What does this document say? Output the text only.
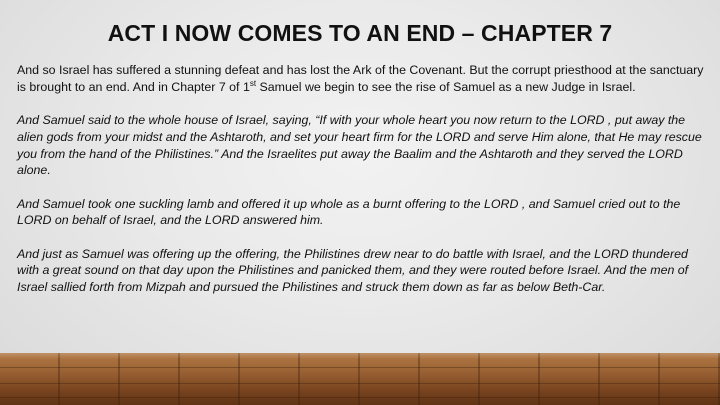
ACT I NOW COMES TO AN END – CHAPTER 7

And so Israel has suffered a stunning defeat and has lost the Ark of the Covenant. But the corrupt priesthood at the sanctuary is brought to an end. And in Chapter 7 of 1st Samuel we begin to see the rise of Samuel as a new Judge in Israel.

And Samuel said to the whole house of Israel, saying, “If with your whole heart you now return to the LORD , put away the alien gods from your midst and the Ashtaroth, and set your heart firm for the LORD and serve Him alone, that He may rescue you from the hand of the Philistines.” And the Israelites put away the Baalim and the Ashtaroth and they served the LORD alone.

And Samuel took one suckling lamb and offered it up whole as a burnt offering to the LORD , and Samuel cried out to the LORD on behalf of Israel, and the LORD answered him.

And just as Samuel was offering up the offering, the Philistines drew near to do battle with Israel, and the LORD thundered with a great sound on that day upon the Philistines and panicked them, and they were routed before Israel. And the men of Israel sallied forth from Mizpah and pursued the Philistines and struck them down as far as below Beth-Car.
